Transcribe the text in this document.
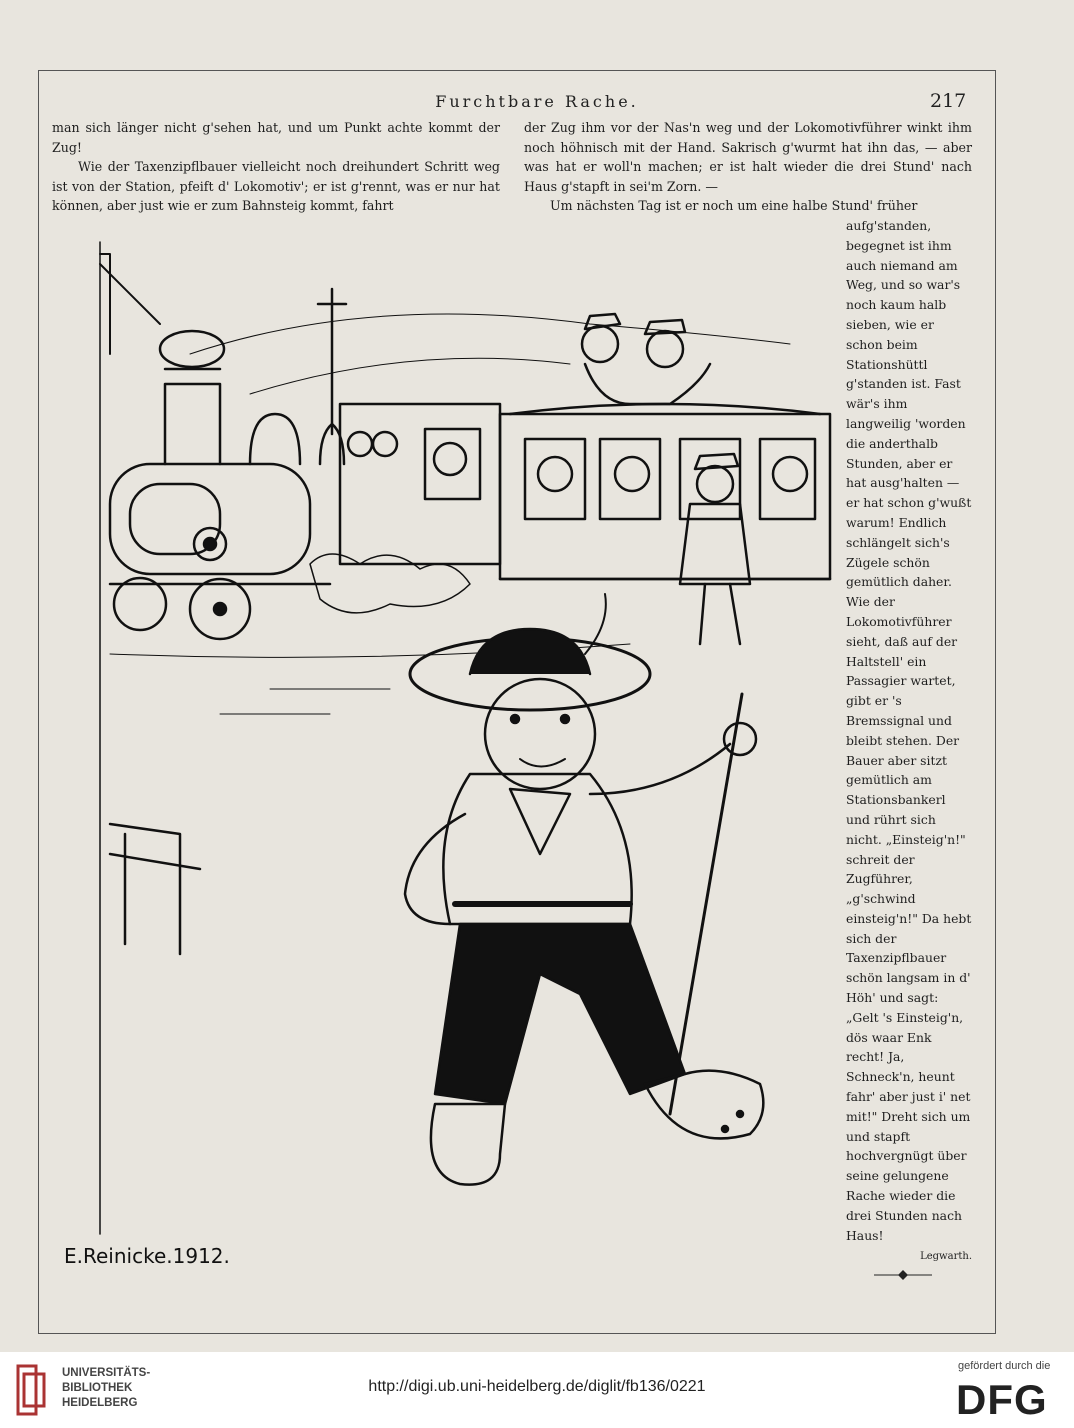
Furchtbare Rache.	217

man sich länger nicht g'sehen hat, und um Punkt achte kommt der Zug!

Wie der Taxenzipflbauer vielleicht noch dreihundert Schritt weg ist von der Station, pfeift d' Lokomotiv'; er ist g'rennt, was er nur hat können, aber just wie er zum Bahnsteig kommt, fahrt

der Zug ihm vor der Nas'n weg und der Lokomotivführer winkt ihm noch höhnisch mit der Hand. Sakrisch g'wurmt hat ihn das, — aber was hat er woll'n machen; er ist halt wieder die drei Stund' nach Haus g'stapft in sei'm Zorn. —

Um nächsten Tag ist er noch um eine halbe Stund' früher

aufg'standen, begegnet ist ihm auch niemand am Weg, und so war's noch kaum halb sieben, wie er schon beim Stationshüttl g'standen ist. Fast wär's ihm langweilig 'worden die anderthalb Stunden, aber er hat ausg'halten — er hat schon g'wußt warum! Endlich schlängelt sich's Zügele schön gemütlich daher. Wie der Lokomotivführer sieht, daß auf der Haltstell' ein Passagier wartet, gibt er 's Bremssignal und bleibt stehen. Der Bauer aber sitzt gemütlich am Stationsbankerl und rührt sich nicht. „Einsteig'n!" schreit der Zugführer, „g'schwind einsteig'n!" Da hebt sich der Taxenzipflbauer schön langsam in d' Höh' und sagt: „Gelt 's Einsteig'n, dös waar Enk recht! Ja, Schneck'n, heunt fahr' aber just i' net mit!" Dreht sich um und stapft hochvergnügt über seine gelungene Rache wieder die drei Stunden nach Haus!

Legwarth.
E.Reinicke.1912.
UNIVERSITÄTS-
BIBLIOTHEK
HEIDELBERG
http://digi.ub.uni-heidelberg.de/diglit/fb136/0221
gefördert durch die
DFG
